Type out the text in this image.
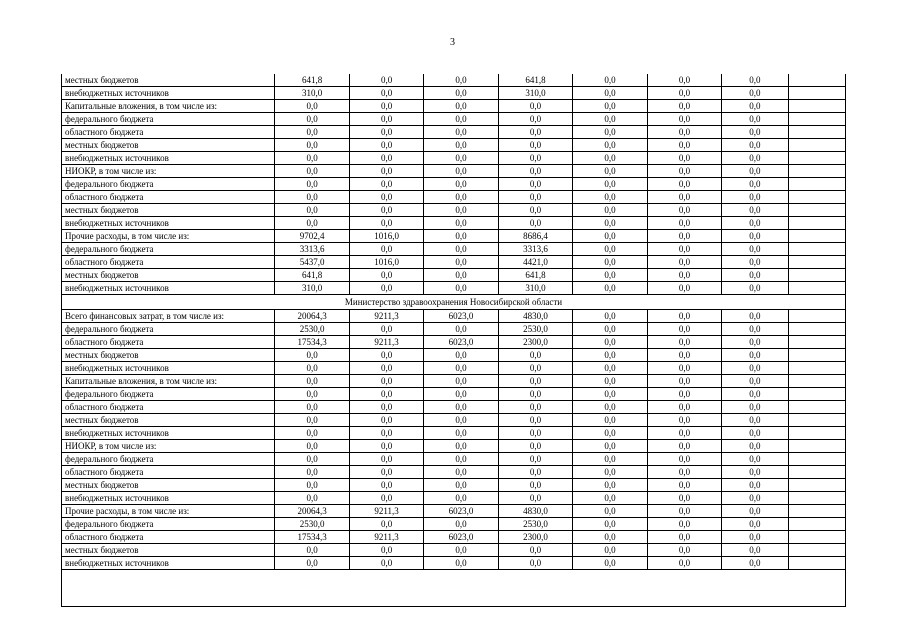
3
местных бюджетов	641,8	0,0	0,0	641,8	0,0	0,0	0,0	
внебюджетных источников	310,0	0,0	0,0	310,0	0,0	0,0	0,0	
Капитальные вложения, в том числе из:	0,0	0,0	0,0	0,0	0,0	0,0	0,0	
федерального бюджета	0,0	0,0	0,0	0,0	0,0	0,0	0,0	
областного бюджета	0,0	0,0	0,0	0,0	0,0	0,0	0,0	
местных бюджетов	0,0	0,0	0,0	0,0	0,0	0,0	0,0	
внебюджетных источников	0,0	0,0	0,0	0,0	0,0	0,0	0,0	
НИОКР, в том числе из:	0,0	0,0	0,0	0,0	0,0	0,0	0,0	
федерального бюджета	0,0	0,0	0,0	0,0	0,0	0,0	0,0	
областного бюджета	0,0	0,0	0,0	0,0	0,0	0,0	0,0	
местных бюджетов	0,0	0,0	0,0	0,0	0,0	0,0	0,0	
внебюджетных источников	0,0	0,0	0,0	0,0	0,0	0,0	0,0	
Прочие расходы, в том числе из:	9702,4	1016,0	0,0	8686,4	0,0	0,0	0,0	
федерального бюджета	3313,6	0,0	0,0	3313,6	0,0	0,0	0,0	
областного бюджета	5437,0	1016,0	0,0	4421,0	0,0	0,0	0,0	
местных бюджетов	641,8	0,0	0,0	641,8	0,0	0,0	0,0	
внебюджетных источников	310,0	0,0	0,0	310,0	0,0	0,0	0,0	
Министерство здравоохранения Новосибирской области								
Всего финансовых затрат, в том числе из:	20064,3	9211,3	6023,0	4830,0	0,0	0,0	0,0	
федерального бюджета	2530,0	0,0	0,0	2530,0	0,0	0,0	0,0	
областного бюджета	17534,3	9211,3	6023,0	2300,0	0,0	0,0	0,0	
местных бюджетов	0,0	0,0	0,0	0,0	0,0	0,0	0,0	
внебюджетных источников	0,0	0,0	0,0	0,0	0,0	0,0	0,0	
Капитальные вложения, в том числе из:	0,0	0,0	0,0	0,0	0,0	0,0	0,0	
федерального бюджета	0,0	0,0	0,0	0,0	0,0	0,0	0,0	
областного бюджета	0,0	0,0	0,0	0,0	0,0	0,0	0,0	
местных бюджетов	0,0	0,0	0,0	0,0	0,0	0,0	0,0	
внебюджетных источников	0,0	0,0	0,0	0,0	0,0	0,0	0,0	
НИОКР, в том числе из:	0,0	0,0	0,0	0,0	0,0	0,0	0,0	
федерального бюджета	0,0	0,0	0,0	0,0	0,0	0,0	0,0	
областного бюджета	0,0	0,0	0,0	0,0	0,0	0,0	0,0	
местных бюджетов	0,0	0,0	0,0	0,0	0,0	0,0	0,0	
внебюджетных источников	0,0	0,0	0,0	0,0	0,0	0,0	0,0	
Прочие расходы, в том числе из:	20064,3	9211,3	6023,0	4830,0	0,0	0,0	0,0	
федерального бюджета	2530,0	0,0	0,0	2530,0	0,0	0,0	0,0	
областного бюджета	17534,3	9211,3	6023,0	2300,0	0,0	0,0	0,0	
местных бюджетов	0,0	0,0	0,0	0,0	0,0	0,0	0,0	
внебюджетных источников	0,0	0,0	0,0	0,0	0,0	0,0	0,0	
